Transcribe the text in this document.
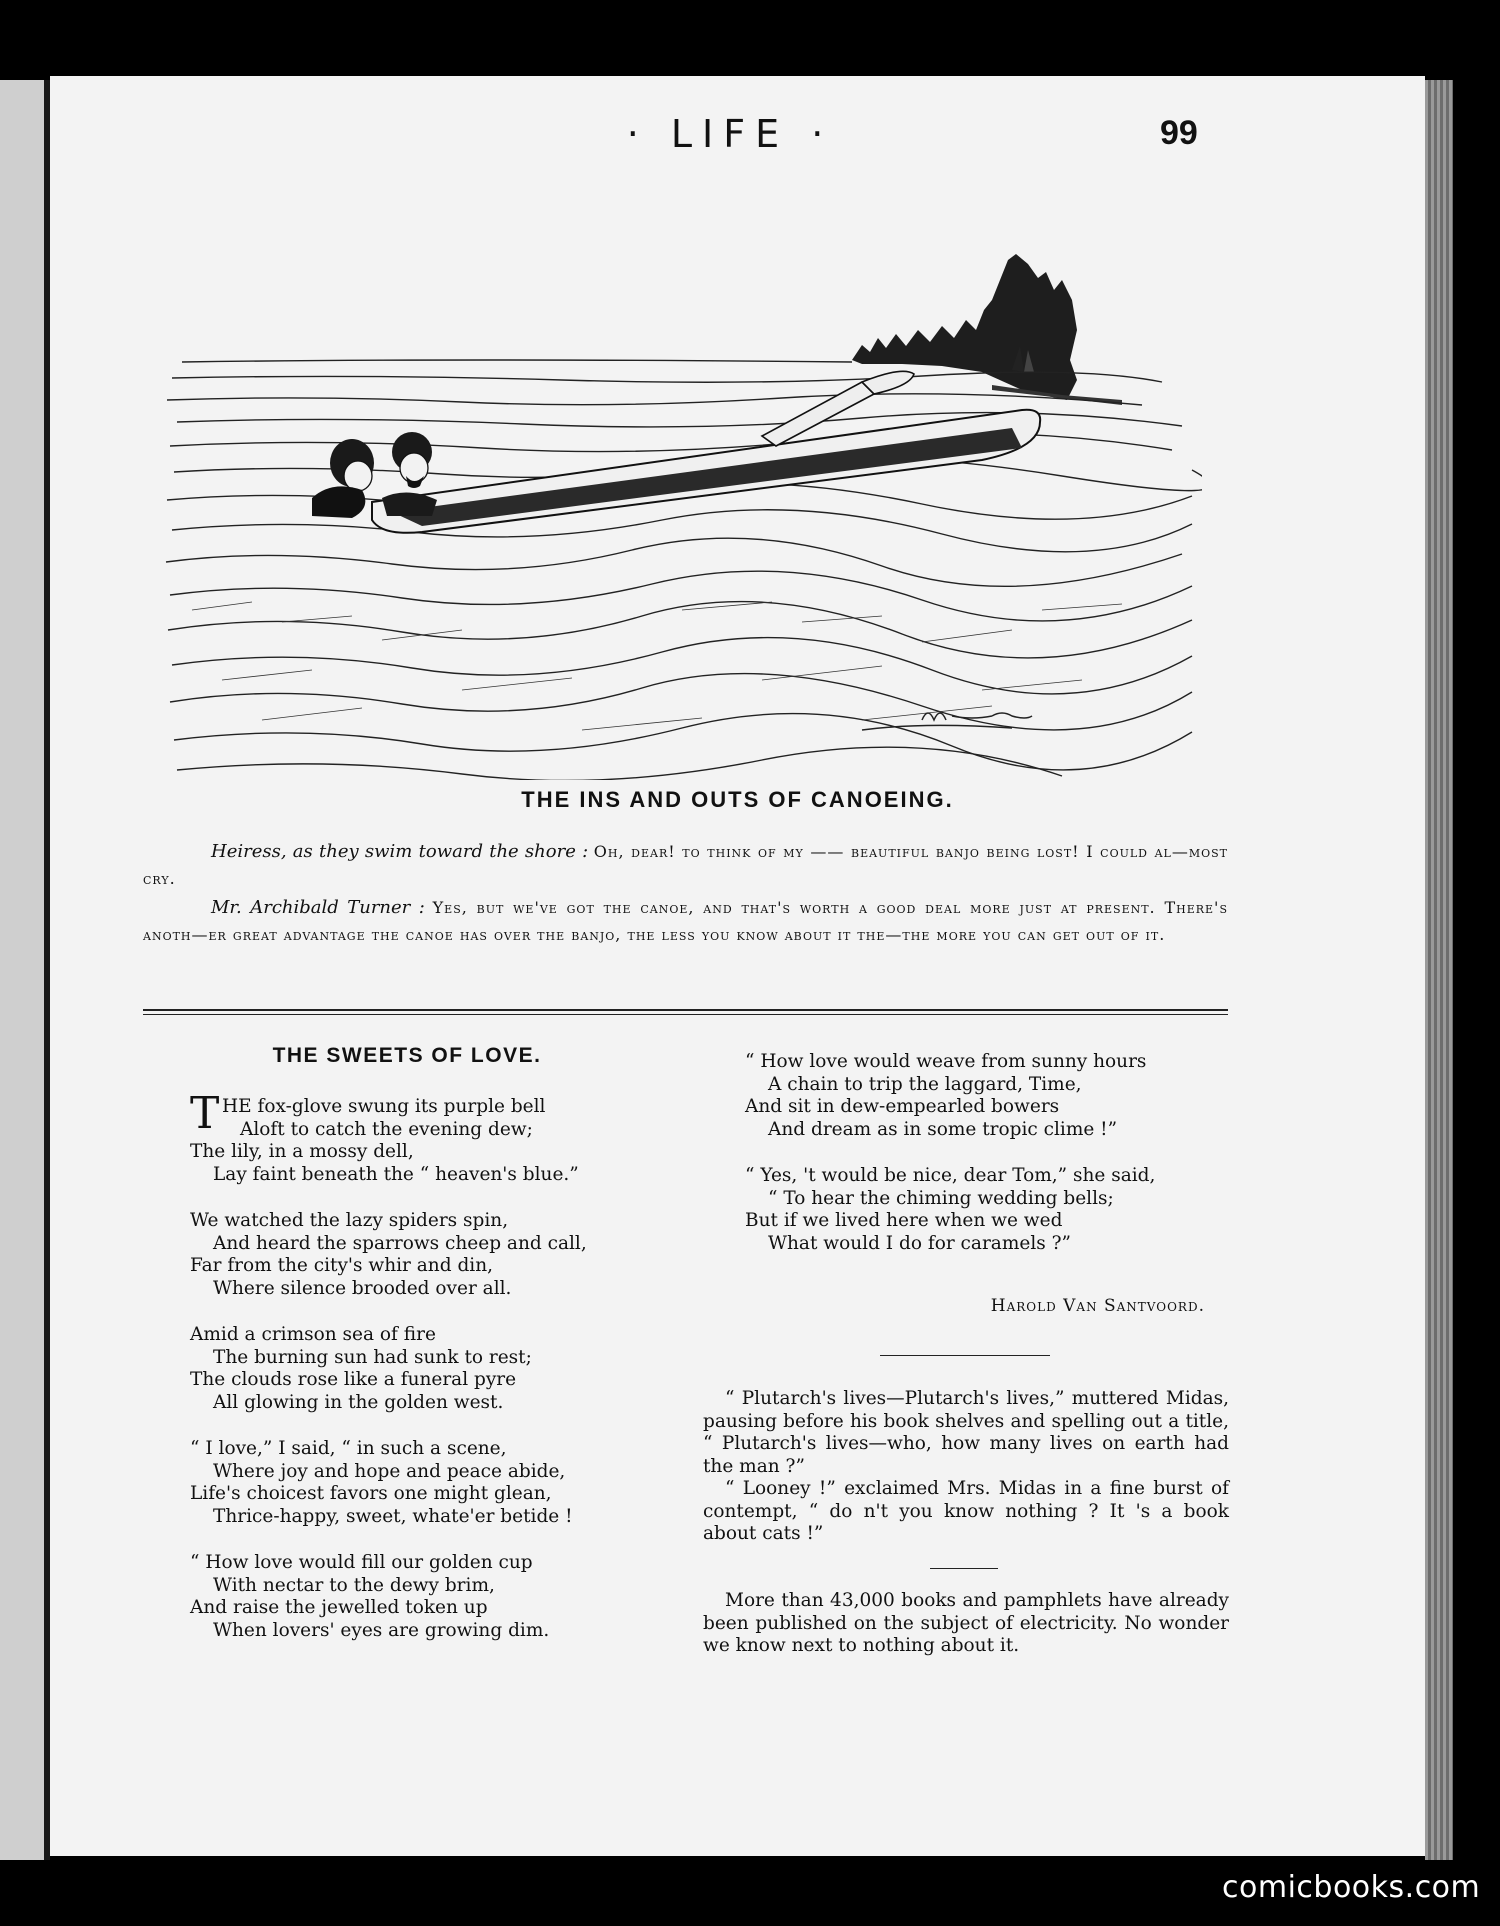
· LIFE ·	99
THE INS AND OUTS OF CANOEING.

Heiress, as they swim toward the shore : Oh, dear! to think of my —— beautiful banjo being lost! I could al—most cry.

Mr. Archibald Turner : Yes, but we've got the canoe, and that's worth a good deal more just at present. There's anoth—er great advantage the canoe has over the banjo, the less you know about it the—the more you can get out of it.

THE SWEETS OF LOVE.
T HE fox-glove swung its purple bell
Aloft to catch the evening dew;
The lily, in a mossy dell,
Lay faint beneath the “ heaven's blue.”
We watched the lazy spiders spin,
And heard the sparrows cheep and call,
Far from the city's whir and din,
Where silence brooded over all.
Amid a crimson sea of fire
The burning sun had sunk to rest;
The clouds rose like a funeral pyre
All glowing in the golden west.
“ I love,” I said, “ in such a scene,
Where joy and hope and peace abide,
Life's choicest favors one might glean,
Thrice-happy, sweet, whate'er betide !
“ How love would fill our golden cup
With nectar to the dewy brim,
And raise the jewelled token up
When lovers' eyes are growing dim.
“ How love would weave from sunny hours
A chain to trip the laggard, Time,
And sit in dew-empearled bowers
And dream as in some tropic clime !”
“ Yes, 't would be nice, dear Tom,” she said,
“ To hear the chiming wedding bells;
But if we lived here when we wed
What would I do for caramels ?”
Harold Van Santvoord.

“ Plutarch's lives—Plutarch's lives,” muttered Midas, pausing before his book shelves and spelling out a title, “ Plutarch's lives—who, how many lives on earth had the man ?”

“ Looney !” exclaimed Mrs. Midas in a fine burst of contempt, “ do n't you know nothing ? It 's a book about cats !”

More than 43,000 books and pamphlets have already been published on the subject of electricity. No wonder we know next to nothing about it.

comicbooks.com
